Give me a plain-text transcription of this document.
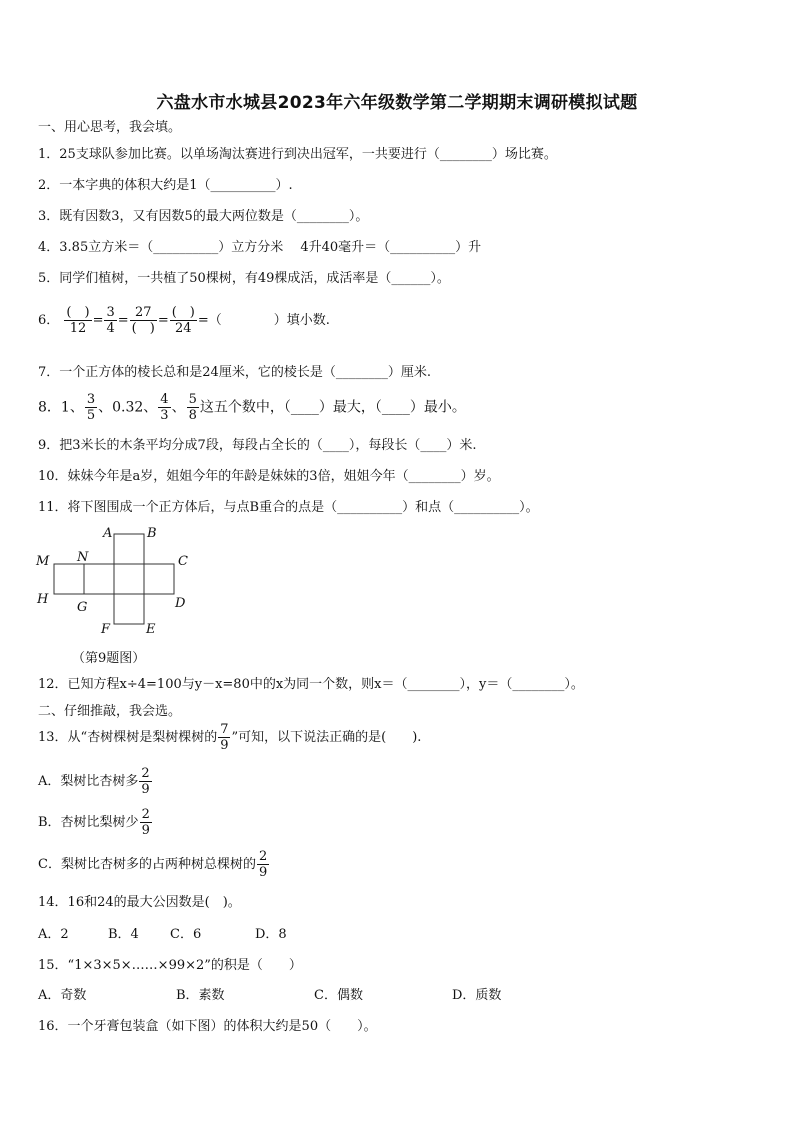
六盘水市水城县2023年六年级数学第二学期期末调研模拟试题
一、用心思考，我会填。
1．25支球队参加比赛。以单场淘汰赛进行到决出冠军，一共要进行（________）场比赛。
2．一本字典的体积大约是1（__________）.
3．既有因数3，又有因数5的最大两位数是（________）。
4．3.85立方米＝（__________）立方分米　 4升40毫升＝（__________）升
5．同学们植树，一共植了50棵树，有49棵成活，成活率是（______）。
6． $\frac{( )}{12} = \frac{3}{4} = \frac{27}{( )} = \frac{( )}{24}$ =（　　　　）填小数.
7．一个正方体的棱长总和是24厘米，它的棱长是（________）厘米.
8．1、 $\frac{3}{5}$ 、0.32、 $\frac{4}{3}$ 、 $\frac{5}{8}$ 这五个数中，（____）最大，（____）最小。
9．把3米长的木条平均分成7段，每段占全长的（____），每段长（____）米.
10．妹妹今年是a岁，姐姐今年的年龄是妹妹的3倍，姐姐今年（________）岁。
11．将下图围成一个正方体后，与点B重合的点是（__________）和点（__________）。
A	B
C
D
E
F
G
H
M N
（第9题图）
12．已知方程x÷4=100与y－x=80中的x为同一个数，则x＝（________），y＝（________）。
二、仔细推敲，我会选。
13．从“杏树棵树是梨树棵树的 $\frac{7}{9}$ ”可知，以下说法正确的是(　　).
A．梨树比杏树多 $\frac{2}{9}$
B．杏树比梨树少 $\frac{2}{9}$
C．梨树比杏树多的占两种树总棵树的 $\frac{2}{9}$
14．16和24的最大公因数是(　)。
A．2	B．4 C．6	D．8
15．“1×3×5×……×99×2”的积是（　　）
A．奇数	B．素数	C．偶数	D．质数
16．一个牙膏包装盒（如下图）的体积大约是50（　　）。
